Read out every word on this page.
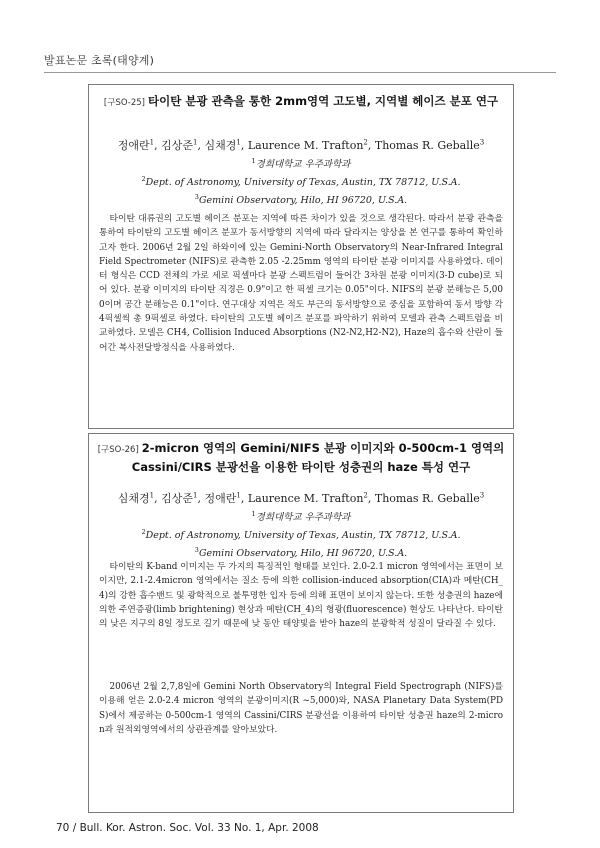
발표논문 초록(태양계)
[구SO-25] 타이탄 분광 관측을 통한 2mm영역 고도별, 지역별 헤이즈 분포 연구
정애란$^1$, 김상준$^1$, 심채경$^1$, Laurence M. Trafton$^2$, Thomas R. Geballe$^3$
$^1$경희대학교 우주과학과
$^2$Dept. of Astronomy, University of Texas, Austin, TX 78712, U.S.A.
$^3$Gemini Observatory, Hilo, HI 96720, U.S.A.
타이탄 대류권의 고도별 헤이즈 분포는 지역에 따른 차이가 있을 것으로 생각된다. 따라서 분광 관측을 통하여 타이탄의 고도별 헤이즈 분포가 동서방향의 지역에 따라 달라지는 양상을 본 연구를 통하여 확인하고자 한다. 2006년 2월 2일 하와이에 있는 Gemini-North Observatory의 Near-Infrared Integral Field Spectrometer (NIFS)로 관측한 2.05 -2.25mm 영역의 타이탄 분광 이미지를 사용하였다. 데이터 형식은 CCD 전체의 가로 세로 픽셀마다 분광 스펙트럼이 들어간 3차원 분광 이미지(3-D cube)로 되어 있다. 분광 이미지의 타이탄 직경은 0.9"이고 한 픽셀 크기는 0.05"이다. NIFS의 분광 분해능은 5,000이며 공간 분해능은 0.1"이다. 연구대상 지역은 적도 부근의 동서방향으로 중심을 포함하여 동서 방향 각 4픽셀씩 총 9픽셀로 하였다. 타이탄의 고도별 헤이즈 분포를 파악하기 위하여 모델과 관측 스펙트럼을 비교하였다. 모델은 CH4, Collision Induced Absorptions (N2-N2,H2-N2), Haze의 흡수와 산란이 들어간 복사전달방정식을 사용하였다.
[구SO-26] 2-micron 영역의 Gemini/NIFS 분광 이미지와 0-500cm-1 영역의 Cassini/CIRS 분광선을 이용한 타이탄 성층권의 haze 특성 연구
심채경$^1$, 김상준$^1$, 정애란$^1$, Laurence M. Trafton$^2$, Thomas R. Geballe$^3$
$^1$경희대학교 우주과학과
$^2$Dept. of Astronomy, University of Texas, Austin, TX 78712, U.S.A.
$^3$Gemini Observatory, Hilo, HI 96720, U.S.A.
타이탄의 K-band 이미지는 두 가지의 특징적인 형태를 보인다. 2.0-2.1 micron 영역에서는 표면이 보이지만, 2.1-2.4micron 영역에서는 질소 등에 의한 collision-induced absorption(CIA)과 메탄(CH_4)의 강한 흡수밴드 및 광학적으로 불투명한 입자 등에 의해 표면이 보이지 않는다. 또한 성층권의 haze에 의한 주연증광(limb brightening) 현상과 메탄(CH_4)의 형광(fluorescence) 현상도 나타난다. 타이탄의 낮은 지구의 8일 정도로 길기 때문에 낮 동안 태양빛을 받아 haze의 분광학적 성질이 달라질 수 있다.
2006년 2월 2,7,8일에 Gemini North Observatory의 Integral Field Spectrograph (NIFS)를 이용해 얻은 2.0-2.4 micron 영역의 분광이미지(R ~5,000)와, NASA Planetary Data System(PDS)에서 제공하는 0-500cm-1 영역의 Cassini/CIRS 분광선을 이용하여 타이탄 성층권 haze의 2-micron과 원적외영역에서의 상관관계를 알아보았다.
70 / Bull. Kor. Astron. Soc. Vol. 33 No. 1, Apr. 2008
